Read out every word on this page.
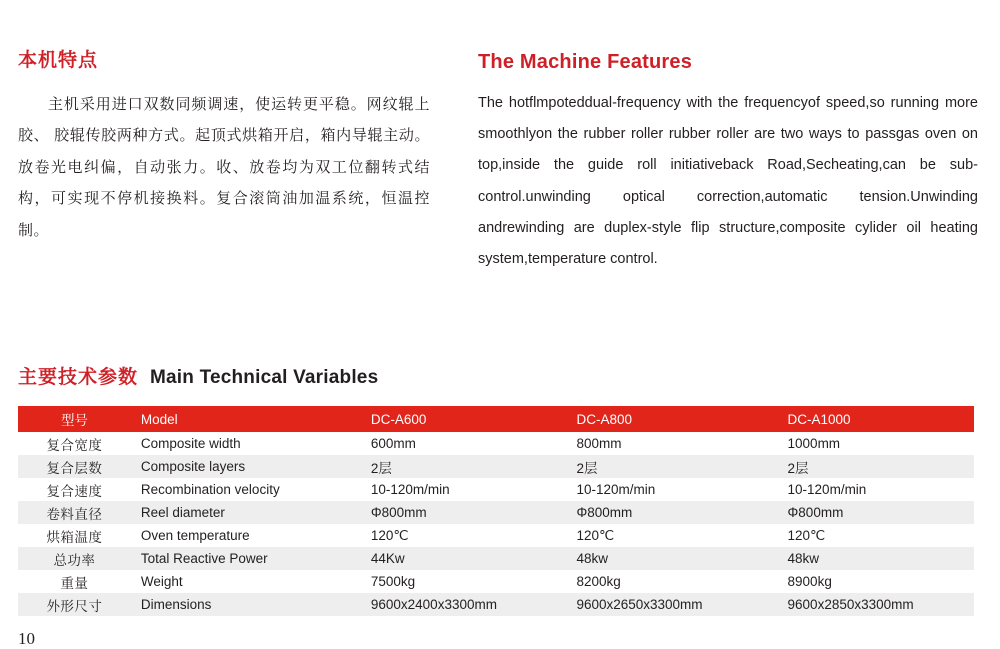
本机特点

主机采用进口双数同频调速，使运转更平稳。网纹辊上胶、 胶辊传胶两种方式。起顶式烘箱开启，箱内导辊主动。放卷光电纠偏，自动张力。收、放卷均为双工位翻转式结构，可实现不停机接换料。复合滚筒油加温系统，恒温控制。

The Machine Features

The hotflmpoteddual-frequency with the frequencyof speed,so running more smoothlyon the rubber roller rubber roller are two ways to passgas oven on top,inside the guide roll initiativeback Road,Secheating,can be sub-control.unwinding optical correction,automatic tension.Unwinding andrewinding are duplex-style flip structure,composite cylider oil heating system,temperature control.

主要技术参数 Main Technical Variables
型号	Model	DC-A600	DC-A800	DC-A1000
复合宽度	Composite width	600mm	800mm	1000mm
复合层数	Composite layers	2层	2层	2层
复合速度	Recombination velocity	10-120m/min	10-120m/min	10-120m/min
卷料直径	Reel diameter	Φ800mm	Φ800mm	Φ800mm
烘箱温度	Oven temperature	120℃	120℃	120℃
总功率	Total Reactive Power	44Kw	48kw	48kw
重量	Weight	7500kg	8200kg	8900kg
外形尺寸	Dimensions	9600x2400x3300mm	9600x2650x3300mm	9600x2850x3300mm
10
